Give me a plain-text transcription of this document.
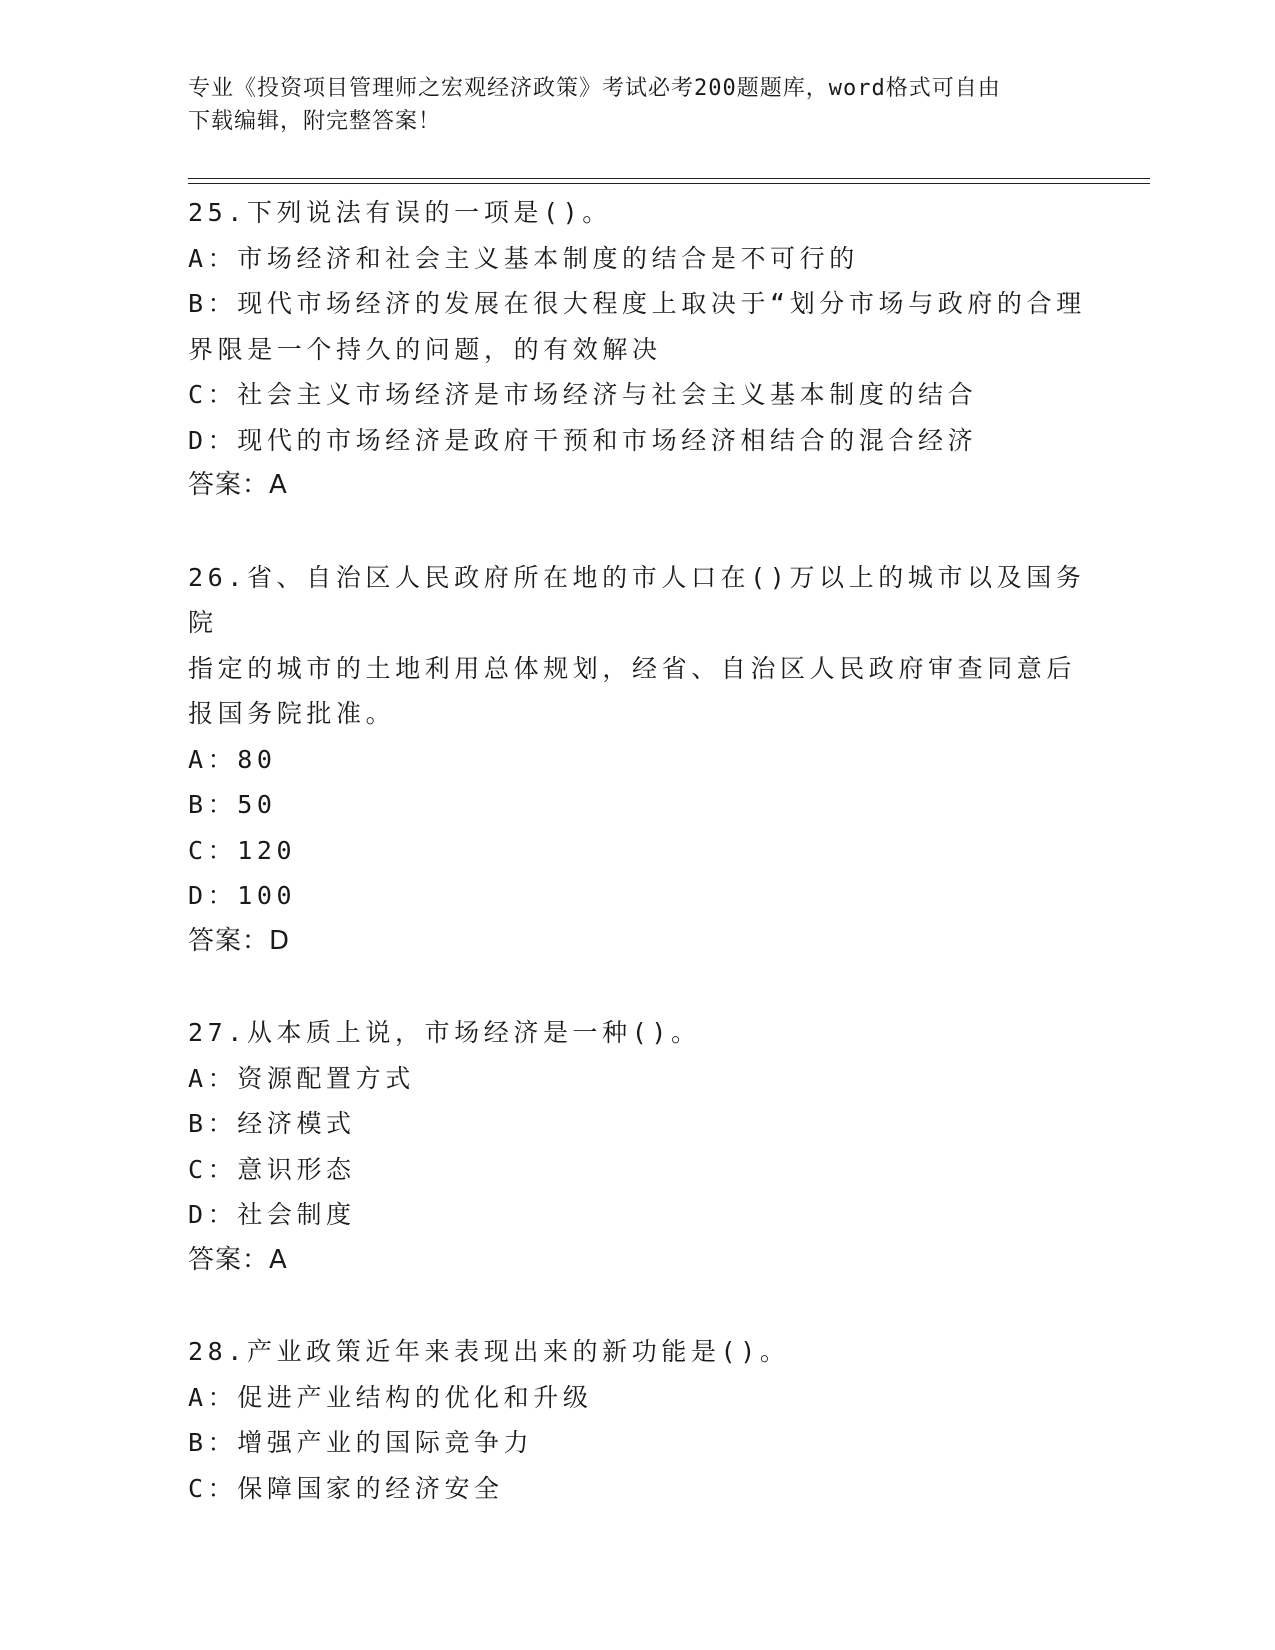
专业《投资项目管理师之宏观经济政策》考试必考200题题库，word格式可自由
下载编辑，附完整答案！
25.下列说法有误的一项是()。
A：市场经济和社会主义基本制度的结合是不可行的
B：现代市场经济的发展在很大程度上取决于“划分市场与政府的合理
界限是一个持久的问题，的有效解决
C：社会主义市场经济是市场经济与社会主义基本制度的结合
D：现代的市场经济是政府干预和市场经济相结合的混合经济
答案：A
26.省、自治区人民政府所在地的市人口在()万以上的城市以及国务院
指定的城市的土地利用总体规划，经省、自治区人民政府审查同意后
报国务院批准。
A：80
B：50
C：120
D：100
答案：D
27.从本质上说，市场经济是一种()。
A：资源配置方式
B：经济模式
C：意识形态
D：社会制度
答案：A
28.产业政策近年来表现出来的新功能是()。
A：促进产业结构的优化和升级
B：增强产业的国际竞争力
C：保障国家的经济安全
